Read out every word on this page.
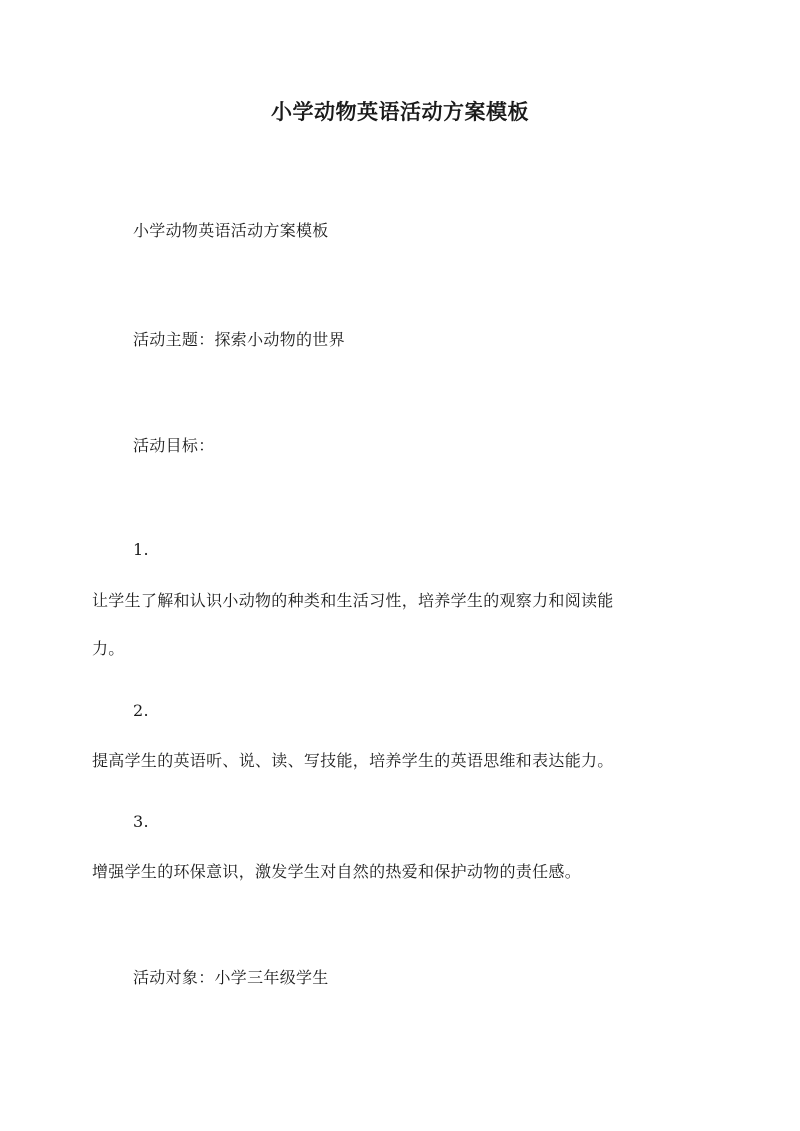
小学动物英语活动方案模板
小学动物英语活动方案模板
活动主题：探索小动物的世界
活动目标：
1.
让学生了解和认识小动物的种类和生活习性，培养学生的观察力和阅读能
力。
2.
提高学生的英语听、说、读、写技能，培养学生的英语思维和表达能力。
3.
增强学生的环保意识，激发学生对自然的热爱和保护动物的责任感。
活动对象：小学三年级学生
